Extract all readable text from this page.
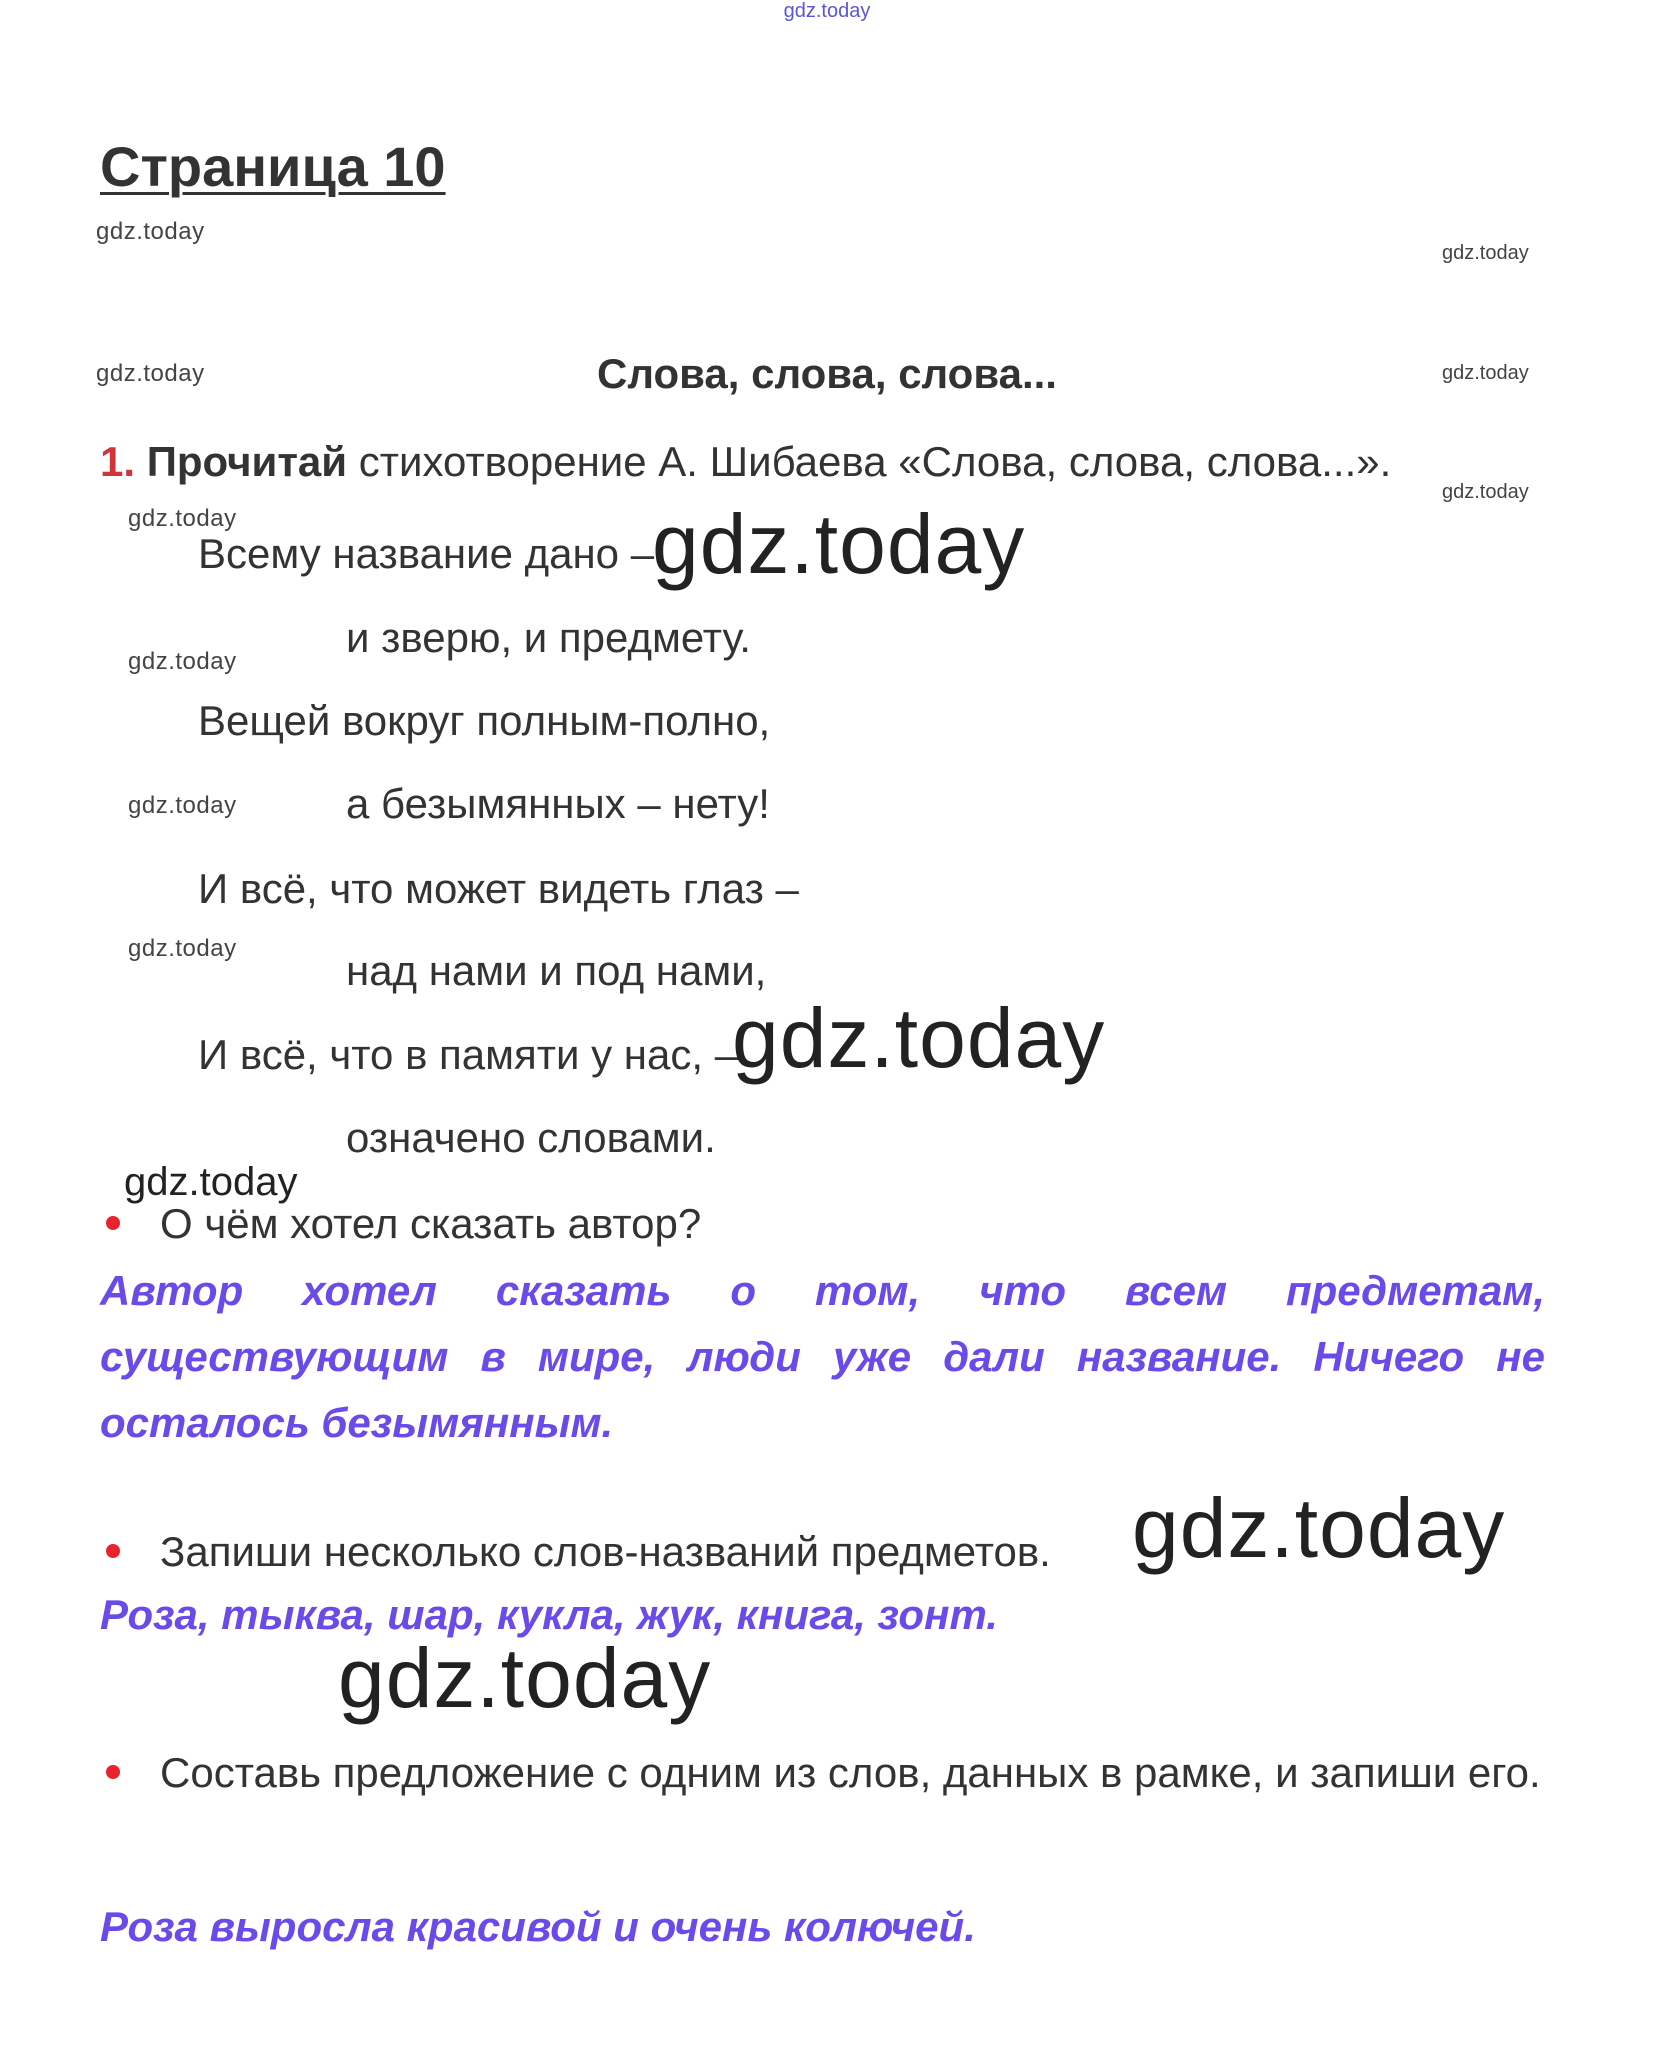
gdz.today
Страница 10
gdz.today
gdz.today
gdz.today	gdz.today
gdz.today
Слова, слова, слова...
1. Прочитай стихотворение А. Шибаева «Слова, слова, слова...».
gdz.today
Всему название дано –
gdz.today
и зверю, и предмету.
gdz.today
Вещей вокруг полным-полно,
а безымянных – нету!
gdz.today
И всё, что может видеть глаз –
над нами и под нами,
gdz.today
И всё, что в памяти у нас, –
gdz.today
означено словами.
gdz.today
О чём хотел сказать автор?
Автор хотел сказать о том, что всем предметам, существующим в мире, люди уже дали название. Ничего не осталось безымянным.
Запиши несколько слов-названий предметов. gdz.today
Роза, тыква, шар, кукла, жук, книга, зонт.
gdz.today
Составь предложение с одним из слов, данных в рамке, и запиши его.
Роза выросла красивой и очень колючей.
